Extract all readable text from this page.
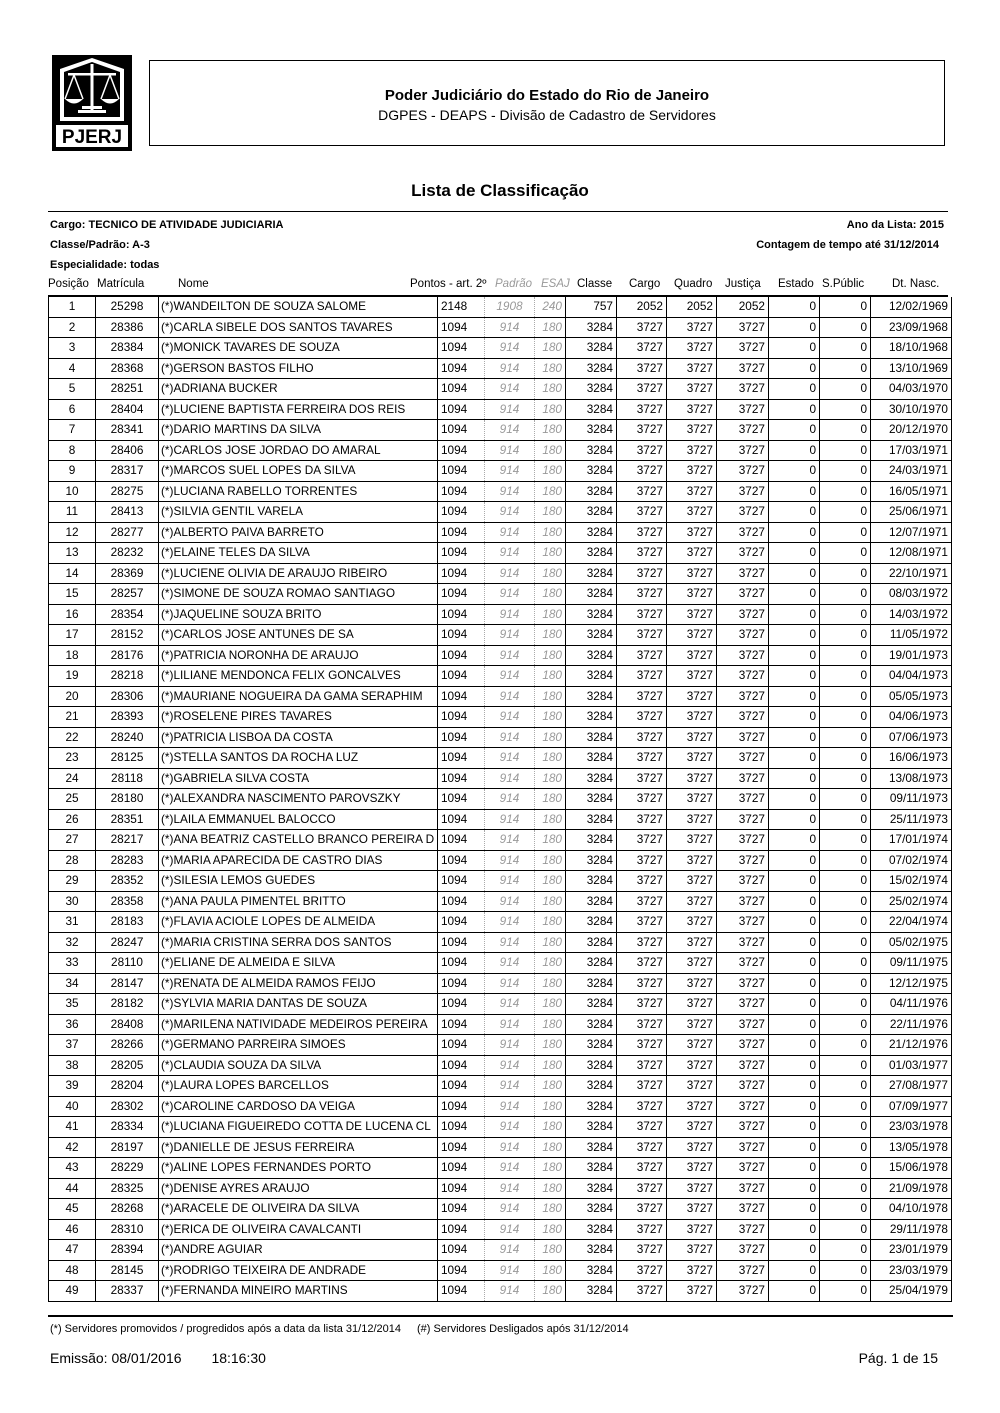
PJERJ
Poder Judiciário do Estado do Rio de Janeiro
DGPES - DEAPS - Divisão de Cadastro de Servidores
Lista de Classificação
Cargo: TECNICO DE ATIVIDADE JUDICIARIA	Ano da Lista: 2015
Classe/Padrão: A-3	Contagem de tempo até 31/12/2014
Especialidade: todas
Posição Matrícula	Nome	Pontos - art. 2º Padrão ESAJ Classe Cargo Quadro Justiça Estado S.Públic Dt. Nasc.
1	25298	(*)WANDEILTON DE SOUZA SALOME	2148	1908	240	757	2052	2052	2052	0	0	12/02/1969
2	28386	(*)CARLA SIBELE DOS SANTOS TAVARES	1094	914	180	3284	3727	3727	3727	0	0	23/09/1968
3	28384	(*)MONICK TAVARES DE SOUZA	1094	914	180	3284	3727	3727	3727	0	0	18/10/1968
4	28368	(*)GERSON BASTOS FILHO	1094	914	180	3284	3727	3727	3727	0	0	13/10/1969
5	28251	(*)ADRIANA BUCKER	1094	914	180	3284	3727	3727	3727	0	0	04/03/1970
6	28404	(*)LUCIENE BAPTISTA FERREIRA DOS REIS	1094	914	180	3284	3727	3727	3727	0	0	30/10/1970
7	28341	(*)DARIO MARTINS DA SILVA	1094	914	180	3284	3727	3727	3727	0	0	20/12/1970
8	28406	(*)CARLOS JOSE JORDAO DO AMARAL	1094	914	180	3284	3727	3727	3727	0	0	17/03/1971
9	28317	(*)MARCOS SUEL LOPES DA SILVA	1094	914	180	3284	3727	3727	3727	0	0	24/03/1971
10	28275	(*)LUCIANA RABELLO TORRENTES	1094	914	180	3284	3727	3727	3727	0	0	16/05/1971
11	28413	(*)SILVIA GENTIL VARELA	1094	914	180	3284	3727	3727	3727	0	0	25/06/1971
12	28277	(*)ALBERTO PAIVA BARRETO	1094	914	180	3284	3727	3727	3727	0	0	12/07/1971
13	28232	(*)ELAINE TELES DA SILVA	1094	914	180	3284	3727	3727	3727	0	0	12/08/1971
14	28369	(*)LUCIENE OLIVIA DE ARAUJO RIBEIRO	1094	914	180	3284	3727	3727	3727	0	0	22/10/1971
15	28257	(*)SIMONE DE SOUZA ROMAO SANTIAGO	1094	914	180	3284	3727	3727	3727	0	0	08/03/1972
16	28354	(*)JAQUELINE SOUZA BRITO	1094	914	180	3284	3727	3727	3727	0	0	14/03/1972
17	28152	(*)CARLOS JOSE ANTUNES DE SA	1094	914	180	3284	3727	3727	3727	0	0	11/05/1972
18	28176	(*)PATRICIA NORONHA DE ARAUJO	1094	914	180	3284	3727	3727	3727	0	0	19/01/1973
19	28218	(*)LILIANE MENDONCA FELIX GONCALVES	1094	914	180	3284	3727	3727	3727	0	0	04/04/1973
20	28306	(*)MAURIANE NOGUEIRA DA GAMA SERAPHIM	1094	914	180	3284	3727	3727	3727	0	0	05/05/1973
21	28393	(*)ROSELENE PIRES TAVARES	1094	914	180	3284	3727	3727	3727	0	0	04/06/1973
22	28240	(*)PATRICIA LISBOA DA COSTA	1094	914	180	3284	3727	3727	3727	0	0	07/06/1973
23	28125	(*)STELLA SANTOS DA ROCHA LUZ	1094	914	180	3284	3727	3727	3727	0	0	16/06/1973
24	28118	(*)GABRIELA SILVA COSTA	1094	914	180	3284	3727	3727	3727	0	0	13/08/1973
25	28180	(*)ALEXANDRA NASCIMENTO PAROVSZKY	1094	914	180	3284	3727	3727	3727	0	0	09/11/1973
26	28351	(*)LAILA EMMANUEL BALOCCO	1094	914	180	3284	3727	3727	3727	0	0	25/11/1973
27	28217	(*)ANA BEATRIZ CASTELLO BRANCO PEREIRA D	1094	914	180	3284	3727	3727	3727	0	0	17/01/1974
28	28283	(*)MARIA APARECIDA DE CASTRO DIAS	1094	914	180	3284	3727	3727	3727	0	0	07/02/1974
29	28352	(*)SILESIA LEMOS GUEDES	1094	914	180	3284	3727	3727	3727	0	0	15/02/1974
30	28358	(*)ANA PAULA PIMENTEL BRITTO	1094	914	180	3284	3727	3727	3727	0	0	25/02/1974
31	28183	(*)FLAVIA ACIOLE LOPES DE ALMEIDA	1094	914	180	3284	3727	3727	3727	0	0	22/04/1974
32	28247	(*)MARIA CRISTINA SERRA DOS SANTOS	1094	914	180	3284	3727	3727	3727	0	0	05/02/1975
33	28110	(*)ELIANE DE ALMEIDA E SILVA	1094	914	180	3284	3727	3727	3727	0	0	09/11/1975
34	28147	(*)RENATA DE ALMEIDA RAMOS FEIJO	1094	914	180	3284	3727	3727	3727	0	0	12/12/1975
35	28182	(*)SYLVIA MARIA DANTAS DE SOUZA	1094	914	180	3284	3727	3727	3727	0	0	04/11/1976
36	28408	(*)MARILENA NATIVIDADE MEDEIROS PEREIRA	1094	914	180	3284	3727	3727	3727	0	0	22/11/1976
37	28266	(*)GERMANO PARREIRA SIMOES	1094	914	180	3284	3727	3727	3727	0	0	21/12/1976
38	28205	(*)CLAUDIA SOUZA DA SILVA	1094	914	180	3284	3727	3727	3727	0	0	01/03/1977
39	28204	(*)LAURA LOPES BARCELLOS	1094	914	180	3284	3727	3727	3727	0	0	27/08/1977
40	28302	(*)CAROLINE CARDOSO DA VEIGA	1094	914	180	3284	3727	3727	3727	0	0	07/09/1977
41	28334	(*)LUCIANA FIGUEIREDO COTTA DE LUCENA CL	1094	914	180	3284	3727	3727	3727	0	0	23/03/1978
42	28197	(*)DANIELLE DE JESUS FERREIRA	1094	914	180	3284	3727	3727	3727	0	0	13/05/1978
43	28229	(*)ALINE LOPES FERNANDES PORTO	1094	914	180	3284	3727	3727	3727	0	0	15/06/1978
44	28325	(*)DENISE AYRES ARAUJO	1094	914	180	3284	3727	3727	3727	0	0	21/09/1978
45	28268	(*)ARACELE DE OLIVEIRA DA SILVA	1094	914	180	3284	3727	3727	3727	0	0	04/10/1978
46	28310	(*)ERICA DE OLIVEIRA CAVALCANTI	1094	914	180	3284	3727	3727	3727	0	0	29/11/1978
47	28394	(*)ANDRE AGUIAR	1094	914	180	3284	3727	3727	3727	0	0	23/01/1979
48	28145	(*)RODRIGO TEIXEIRA DE ANDRADE	1094	914	180	3284	3727	3727	3727	0	0	23/03/1979
49	28337	(*)FERNANDA MINEIRO MARTINS	1094	914	180	3284	3727	3727	3727	0	0	25/04/1979
(*) Servidores promovidos / progredidos após a data da lista 31/12/2014 (#) Servidores Desligados após 31/12/2014
Emissão: 08/01/2016 18:16:30	Pág. 1 de 15
